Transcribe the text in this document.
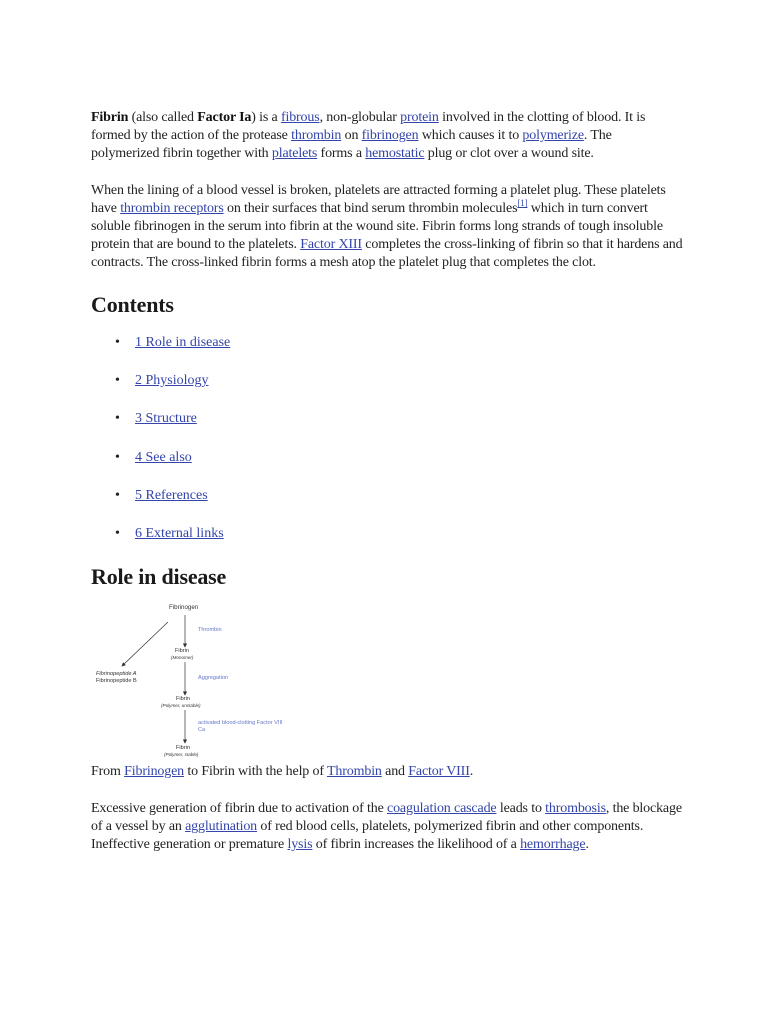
Fibrin (also called Factor Ia) is a fibrous, non-globular protein involved in the clotting of blood. It is formed by the action of the protease thrombin on fibrinogen which causes it to polymerize. The polymerized fibrin together with platelets forms a hemostatic plug or clot over a wound site.

When the lining of a blood vessel is broken, platelets are attracted forming a platelet plug. These platelets have thrombin receptors on their surfaces that bind serum thrombin molecules[1] which in turn convert soluble fibrinogen in the serum into fibrin at the wound site. Fibrin forms long strands of tough insoluble protein that are bound to the platelets. Factor XIII completes the cross-linking of fibrin so that it hardens and contracts. The cross-linked fibrin forms a mesh atop the platelet plug that completes the clot.

Contents
• 1 Role in disease
• 2 Physiology
• 3 Structure
• 4 See also
• 5 References
• 6 External links
Role in disease
Fibrinogen
Thrombin
Fibrinopeptide A
Fibrinopeptide B
Fibrin
(Monomer)
Aggregation
Fibrin
(Polymer, unstable)
activated blood-clotting Factor VIII
Ca
Fibrin
(Polymer, stable)

From Fibrinogen to Fibrin with the help of Thrombin and Factor VIII.

Excessive generation of fibrin due to activation of the coagulation cascade leads to thrombosis, the blockage of a vessel by an agglutination of red blood cells, platelets, polymerized fibrin and other components. Ineffective generation or premature lysis of fibrin increases the likelihood of a hemorrhage.
